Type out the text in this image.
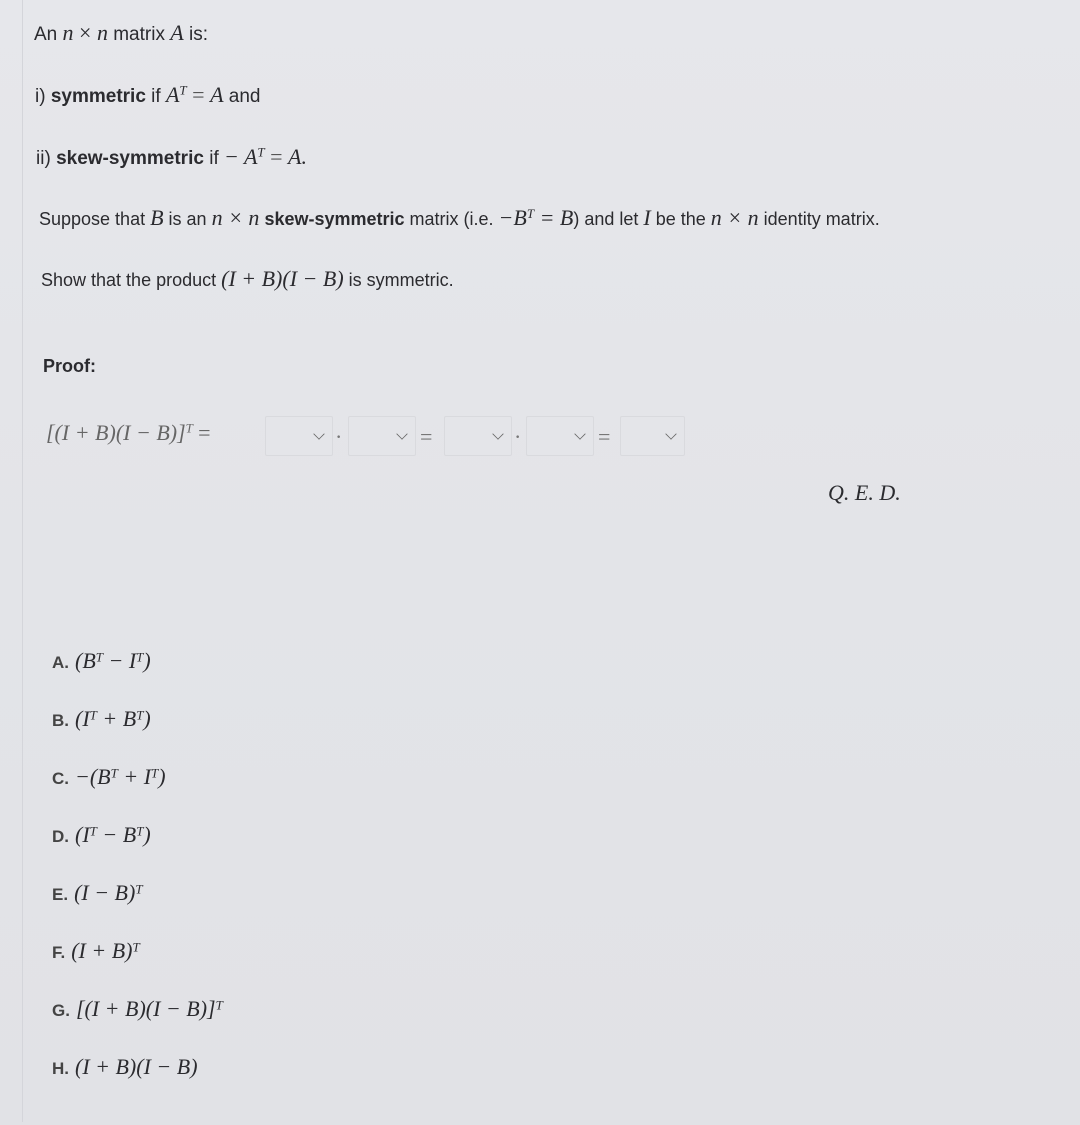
An n × n matrix A is:
i) symmetric if $A^T = A$ and
ii) skew-symmetric if − $A^T = A$.
Suppose that B is an n × n skew-symmetric matrix (i.e. $-B^T = B$) and let I be the n × n identity matrix.
Show that the product (I + B)(I − B) is symmetric.
Proof:
$[(I + B)(I - B)]^T$ =	·	=	·	=
Q. E. D.
A. $(B^T - I^T)$
B. $(I^T + B^T)$
C. $-(B^T + I^T)$
D. $(I^T - B^T)$
E. $(I - B)^T$
F. $(I + B)^T$
G. $[(I + B)(I - B)]^T$
H. (I + B)(I − B)
